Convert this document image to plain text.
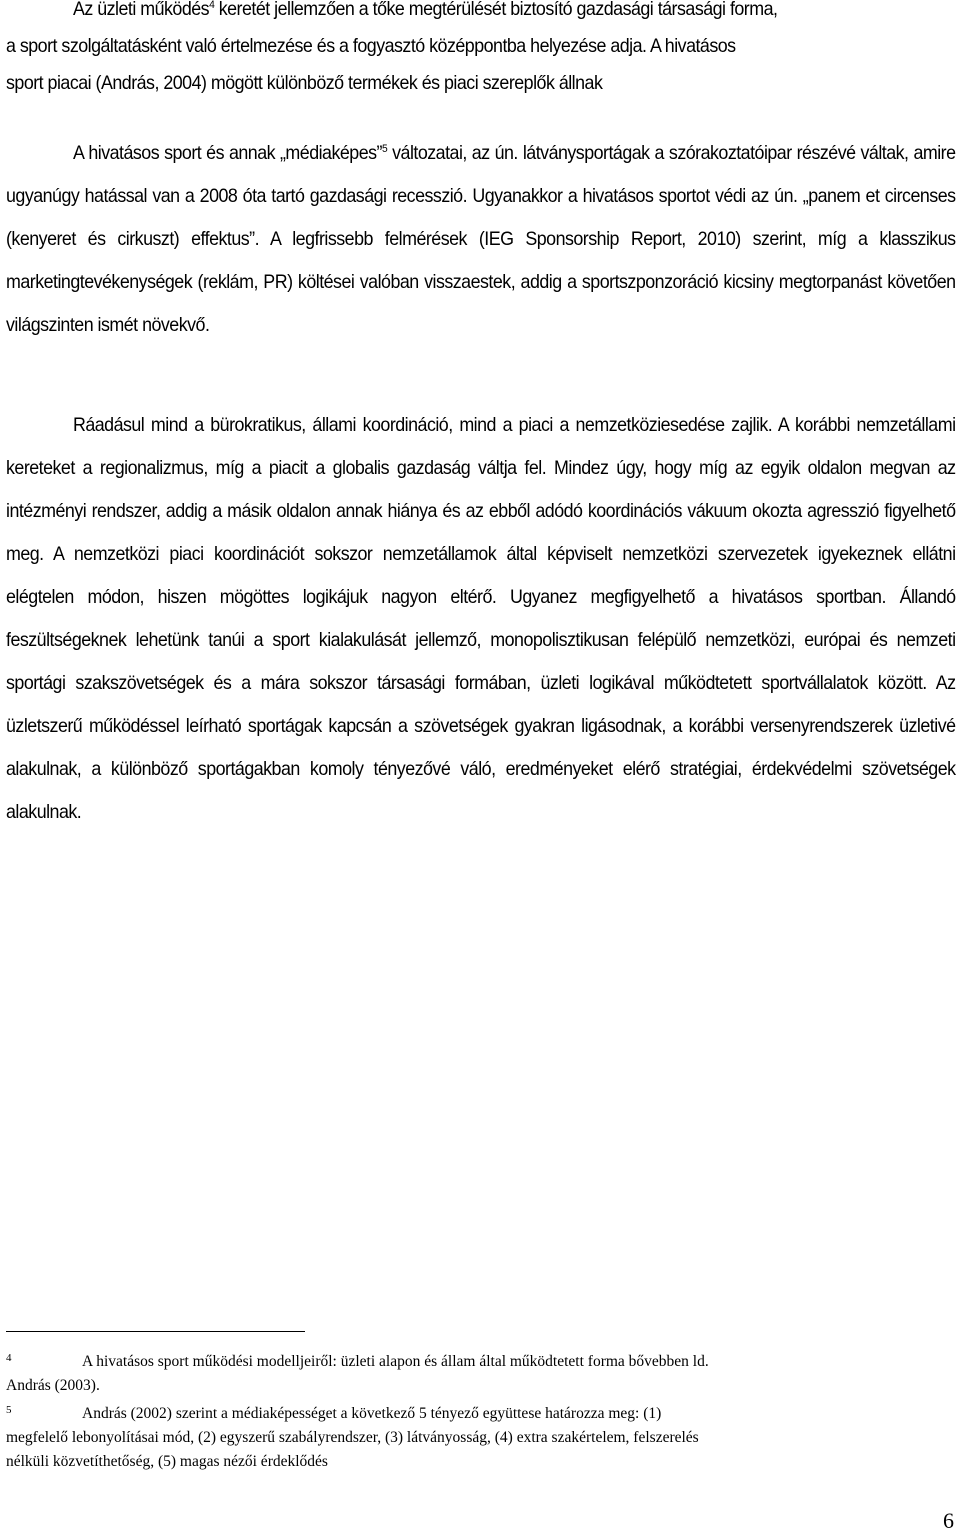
Az üzleti működés$^4$ keretét jellemzően a tőke megtérülését biztosító gazdasági társasági forma,
a sport szolgáltatásként való értelmezése és a fogyasztó középpontba helyezése adja. A hivatásos
sport piacai (András, 2004) mögött különböző termékek és piaci szereplők állnak
A hivatásos sport és annak „médiaképes”$^5$ változatai, az ún. látványsportágak a szórakoztatóipar részévé váltak, amire ugyanúgy hatással van a 2008 óta tartó gazdasági recesszió. Ugyanakkor a hivatásos sportot védi az ún. „panem et circenses (kenyeret és cirkuszt) effektus”. A legfrissebb felmérések (IEG Sponsorship Report, 2010) szerint, míg a klasszikus marketingtevékenységek (reklám, PR) költései valóban visszaestek, addig a sportszponzoráció kicsiny megtorpanást követően világszinten ismét növekvő.
Ráadásul mind a bürokratikus, állami koordináció, mind a piaci a nemzetköziesedése zajlik. A korábbi nemzetállami kereteket a regionalizmus, míg a piacit a globalis gazdaság váltja fel. Mindez úgy, hogy míg az egyik oldalon megvan az intézményi rendszer, addig a másik oldalon annak hiánya és az ebből adódó koordinációs vákuum okozta agresszió figyelhető meg. A nemzetközi piaci koordinációt sokszor nemzetállamok által képviselt nemzetközi szervezetek igyekeznek ellátni elégtelen módon, hiszen mögöttes logikájuk nagyon eltérő. Ugyanez megfigyelhető a hivatásos sportban. Állandó feszültségeknek lehetünk tanúi a sport kialakulását jellemző, monopolisztikusan felépülő nemzetközi, európai és nemzeti sportági szakszövetségek és a mára sokszor társasági formában, üzleti logikával működtetett sportvállalatok között. Az üzletszerű működéssel leírható sportágak kapcsán a szövetségek gyakran ligásodnak, a korábbi versenyrendszerek üzletivé alakulnak, a különböző sportágakban komoly tényezővé váló, eredményeket elérő stratégiai, érdekvédelmi szövetségek alakulnak.
4	A hivatásos sport működési modelljeiről: üzleti alapon és állam által működtetett forma bővebben ld.
András (2003).
5	András (2002) szerint a médiaképességet a következő 5 tényező együttese határozza meg: (1)
megfelelő lebonyolításai mód, (2) egyszerű szabályrendszer, (3) látványosság, (4) extra szakértelem, felszerelés
nélküli közvetíthetőség, (5) magas nézői érdeklődés
6
